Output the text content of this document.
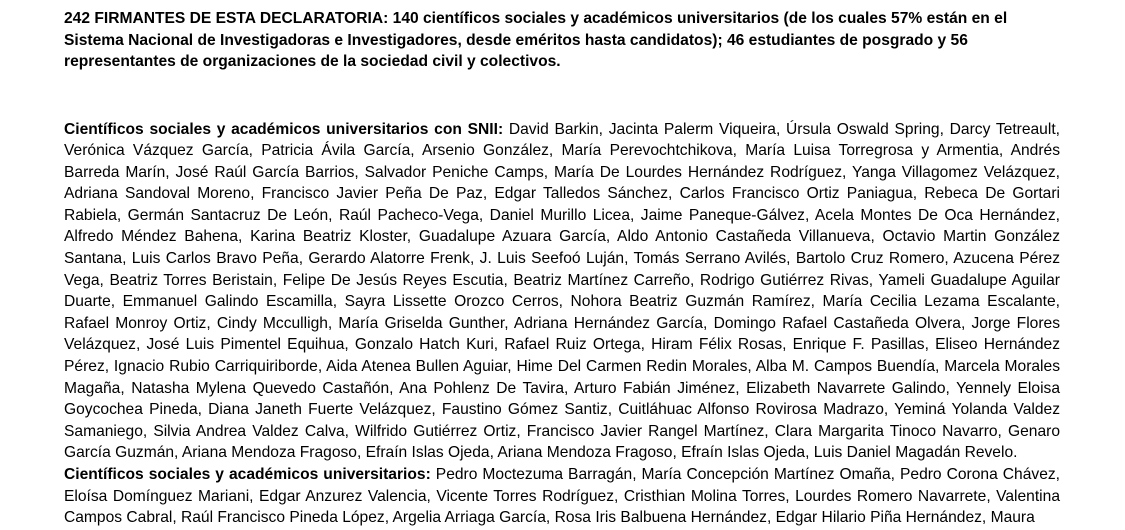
242 FIRMANTES DE ESTA DECLARATORIA: 140 científicos sociales y académicos universitarios (de los cuales 57% están en el Sistema Nacional de Investigadoras e Investigadores, desde eméritos hasta candidatos); 46 estudiantes de posgrado y 56 representantes de organizaciones de la sociedad civil y colectivos.

Científicos sociales y académicos universitarios con SNII: David Barkin, Jacinta Palerm Viqueira, Úrsula Oswald Spring, Darcy Tetreault, Verónica Vázquez García, Patricia Ávila García, Arsenio González, María Perevochtchikova, María Luisa Torregrosa y Armentia, Andrés Barreda Marín, José Raúl García Barrios, Salvador Peniche Camps, María De Lourdes Hernández Rodríguez, Yanga Villagomez Velázquez, Adriana Sandoval Moreno, Francisco Javier Peña De Paz, Edgar Talledos Sánchez, Carlos Francisco Ortiz Paniagua, Rebeca De Gortari Rabiela, Germán Santacruz De León, Raúl Pacheco-Vega, Daniel Murillo Licea, Jaime Paneque-Gálvez, Acela Montes De Oca Hernández, Alfredo Méndez Bahena, Karina Beatriz Kloster, Guadalupe Azuara García, Aldo Antonio Castañeda Villanueva, Octavio Martin González Santana, Luis Carlos Bravo Peña, Gerardo Alatorre Frenk, J. Luis Seefoó Luján, Tomás Serrano Avilés, Bartolo Cruz Romero, Azucena Pérez Vega, Beatriz Torres Beristain, Felipe De Jesús Reyes Escutia, Beatriz Martínez Carreño, Rodrigo Gutiérrez Rivas, Yameli Guadalupe Aguilar Duarte, Emmanuel Galindo Escamilla, Sayra Lissette Orozco Cerros, Nohora Beatriz Guzmán Ramírez, María Cecilia Lezama Escalante, Rafael Monroy Ortiz, Cindy Mcculligh, María Griselda Gunther, Adriana Hernández García, Domingo Rafael Castañeda Olvera, Jorge Flores Velázquez, José Luis Pimentel Equihua, Gonzalo Hatch Kuri, Rafael Ruiz Ortega, Hiram Félix Rosas, Enrique F. Pasillas, Eliseo Hernández Pérez, Ignacio Rubio Carriquiriborde, Aida Atenea Bullen Aguiar, Hime Del Carmen Redin Morales, Alba M. Campos Buendía, Marcela Morales Magaña, Natasha Mylena Quevedo Castañón, Ana Pohlenz De Tavira, Arturo Fabián Jiménez, Elizabeth Navarrete Galindo, Yennely Eloisa Goycochea Pineda, Diana Janeth Fuerte Velázquez, Faustino Gómez Santiz, Cuitláhuac Alfonso Rovirosa Madrazo, Yeminá Yolanda Valdez Samaniego, Silvia Andrea Valdez Calva, Wilfrido Gutiérrez Ortiz, Francisco Javier Rangel Martínez, Clara Margarita Tinoco Navarro, Genaro García Guzmán, Ariana Mendoza Fragoso, Efraín Islas Ojeda, Ariana Mendoza Fragoso, Efraín Islas Ojeda, Luis Daniel Magadán Revelo.

Científicos sociales y académicos universitarios: Pedro Moctezuma Barragán, María Concepción Martínez Omaña, Pedro Corona Chávez, Eloísa Domínguez Mariani, Edgar Anzurez Valencia, Vicente Torres Rodríguez, Cristhian Molina Torres, Lourdes Romero Navarrete, Valentina Campos Cabral, Raúl Francisco Pineda López, Argelia Arriaga García, Rosa Iris Balbuena Hernández, Edgar Hilario Piña Hernández, Maura
